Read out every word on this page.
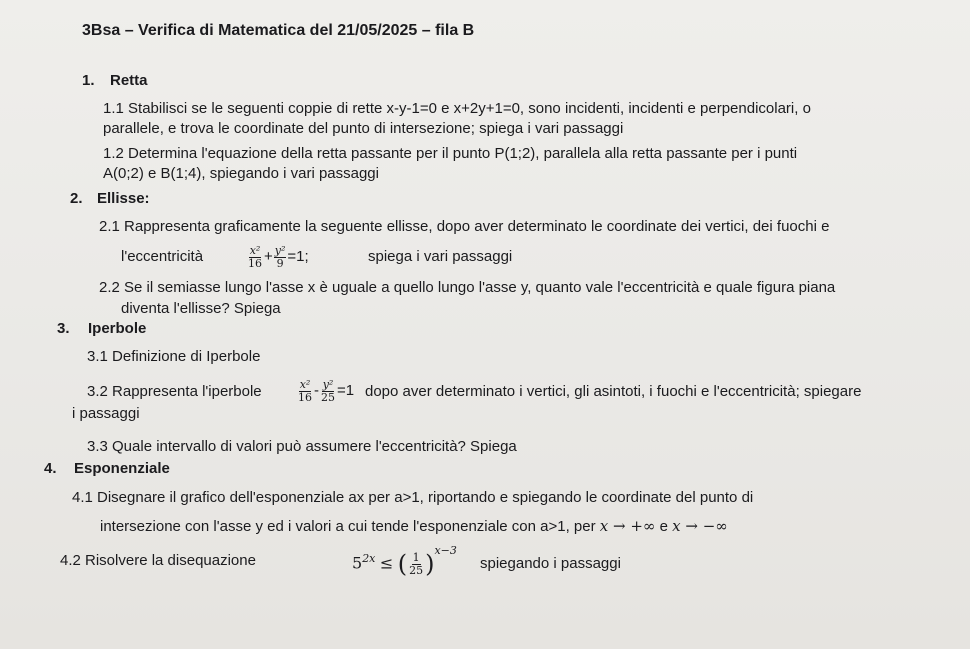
3Bsa – Verifica di Matematica del 21/05/2025 – fila B
1. Retta
1.1 Stabilisci se le seguenti coppie di rette x-y-1=0 e x+2y+1=0, sono incidenti, incidenti e perpendicolari, o
parallele, e trova le coordinate del punto di intersezione; spiega i vari passaggi
1.2 Determina l'equazione della retta passante per il punto P(1;2), parallela alla retta passante per i punti
A(0;2) e B(1;4), spiegando i vari passaggi
2. Ellisse:
2.1 Rappresenta graficamente la seguente ellisse, dopo aver determinato le coordinate dei vertici, dei fuochi e
l'eccentricità	$\frac{\text{x²}}{16} + \frac{\text{y²}}{9} =1$;	spiega i vari passaggi
2.2 Se il semiasse lungo l'asse x è uguale a quello lungo l'asse y, quanto vale l'eccentricità e quale figura piana
diventa l'ellisse? Spiega
3. Iperbole
3.1 Definizione di Iperbole
3.2 Rappresenta l'iperbole	$\frac{\text{x²}}{16} - \frac{\text{y²}}{25} =1$ dopo aver determinato i vertici, gli asintoti, i fuochi e l'eccentricità; spiegare
i passaggi
3.3 Quale intervallo di valori può assumere l'eccentricità? Spiega
4. Esponenziale
4.1 Disegnare il grafico dell'esponenziale ax per a>1, riportando e spiegando le coordinate del punto di
intersezione con l'asse y ed i valori a cui tende l'esponenziale con a>1, per x → +∞ e x → −∞
4.2 Risolvere la disequazione	$5^{2x}$ ≤ ( $\frac{1}{25} )^{x-3}$
spiegando i passaggi
